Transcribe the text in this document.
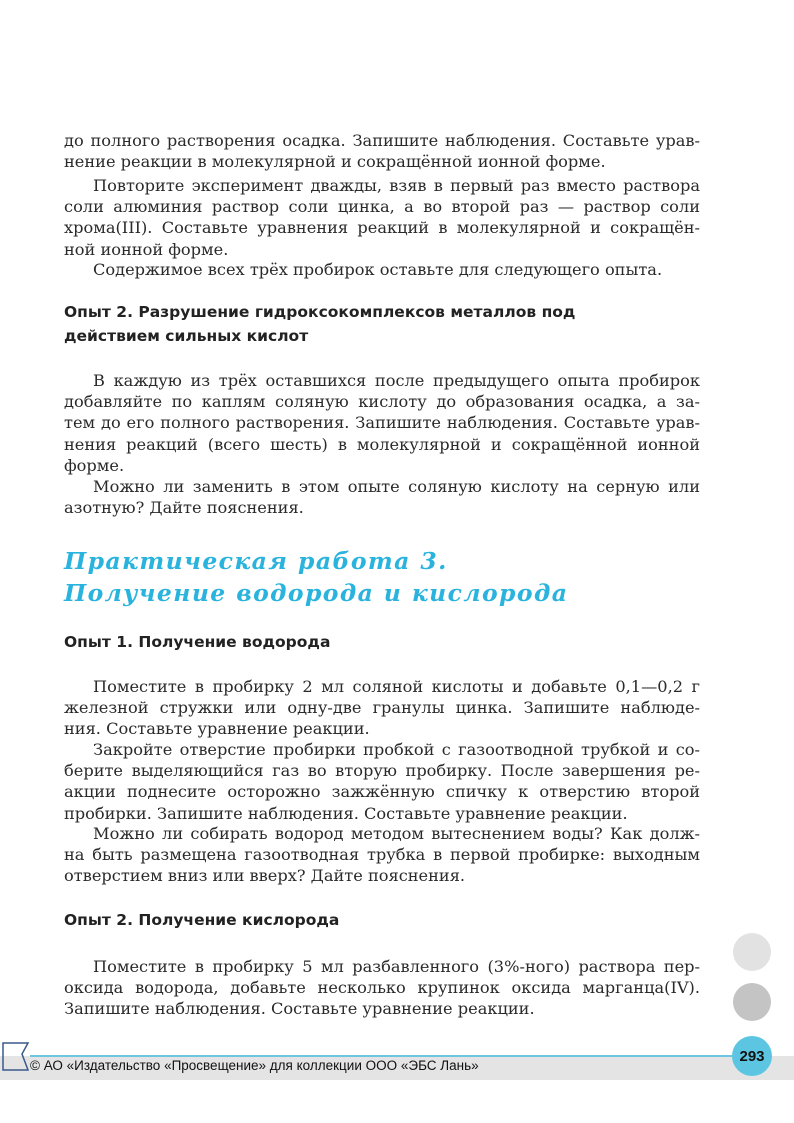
до полного растворения осадка. Запишите наблюдения. Составьте урав-
нение реакции в молекулярной и сокращённой ионной форме.
Повторите эксперимент дважды, взяв в первый раз вместо раствора
соли алюминия раствор соли цинка, а во второй раз — раствор соли
хрома(III). Составьте уравнения реакций в молекулярной и сокращён-
ной ионной форме.
Содержимое всех трёх пробирок оставьте для следующего опыта.
Опыт 2. Разрушение гидроксокомплексов металлов под
действием сильных кислот
В каждую из трёх оставшихся после предыдущего опыта пробирок
добавляйте по каплям соляную кислоту до образования осадка, а за-
тем до его полного растворения. Запишите наблюдения. Составьте урав-
нения реакций (всего шесть) в молекулярной и сокращённой ионной
форме.
Можно ли заменить в этом опыте соляную кислоту на серную или
азотную? Дайте пояснения.
Практическая работа 3.
Получение водорода и кислорода
Опыт 1. Получение водорода
Поместите в пробирку 2 мл соляной кислоты и добавьте 0,1—0,2 г
железной стружки или одну-две гранулы цинка. Запишите наблюде-
ния. Составьте уравнение реакции.
Закройте отверстие пробирки пробкой с газоотводной трубкой и со-
берите выделяющийся газ во вторую пробирку. После завершения ре-
акции поднесите осторожно зажжённую спичку к отверстию второй
пробирки. Запишите наблюдения. Составьте уравнение реакции.
Можно ли собирать водород методом вытеснением воды? Как долж-
на быть размещена газоотводная трубка в первой пробирке: выходным
отверстием вниз или вверх? Дайте пояснения.
Опыт 2. Получение кислорода
Поместите в пробирку 5 мл разбавленного (3%-ного) раствора пер-
оксида водорода, добавьте несколько крупинок оксида марганца(IV).
Запишите наблюдения. Составьте уравнение реакции.
© АО «Издательство «Просвещение» для коллекции ООО «ЭБС Лань»
293
